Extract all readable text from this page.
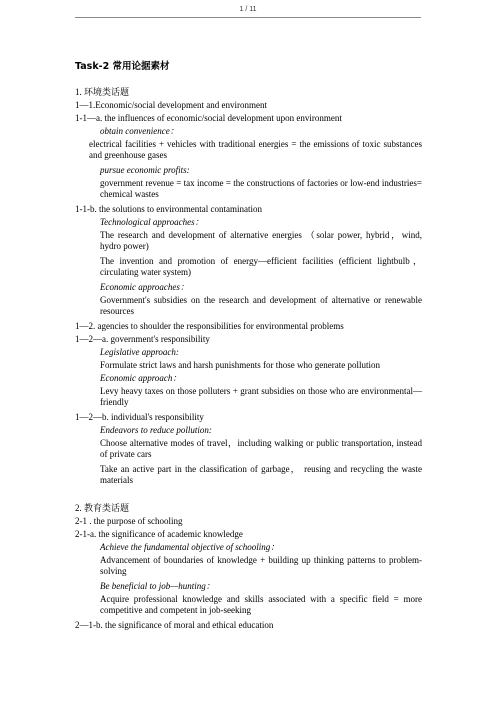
1 / 11
Task-2 常用论据素材
1. 环境类话题
1—1.Economic/social development and environment
1-1—a. the influences of economic/social development upon environment
obtain convenience：
electrical facilities + vehicles with traditional energies = the emissions of toxic substances and greenhouse gases
pursue economic profits:
government revenue = tax income = the constructions of factories or low-end industries= chemical wastes
1-1-b. the solutions to environmental contamination
Technological approaches：
The research and development of alternative energies （solar power, hybrid，wind, hydro power)
The invention and promotion of energy—efficient facilities (efficient lightbulb，circulating water system)
Economic approaches：
Government's subsidies on the research and development of alternative or renewable resources
1—2. agencies to shoulder the responsibilities for environmental problems
1—2—a. government's responsibility
Legislative approach:
Formulate strict laws and harsh punishments for those who generate pollution
Economic approach：
Levy heavy taxes on those polluters + grant subsidies on those who are environmental—friendly
1—2—b. individual's responsibility
Endeavors to reduce pollution:
Choose alternative modes of travel，including walking or public transportation, instead of private cars
Take an active part in the classification of garbage， reusing and recycling the waste materials
2. 教育类话题
2-1 . the purpose of schooling
2-1-a. the significance of academic knowledge
Achieve the fundamental objective of schooling：
Advancement of boundaries of knowledge + building up thinking patterns to problem-solving
Be beneficial to job—hunting：
Acquire professional knowledge and skills associated with a specific field = more competitive and competent in job-seeking
2—1-b. the significance of moral and ethical education
